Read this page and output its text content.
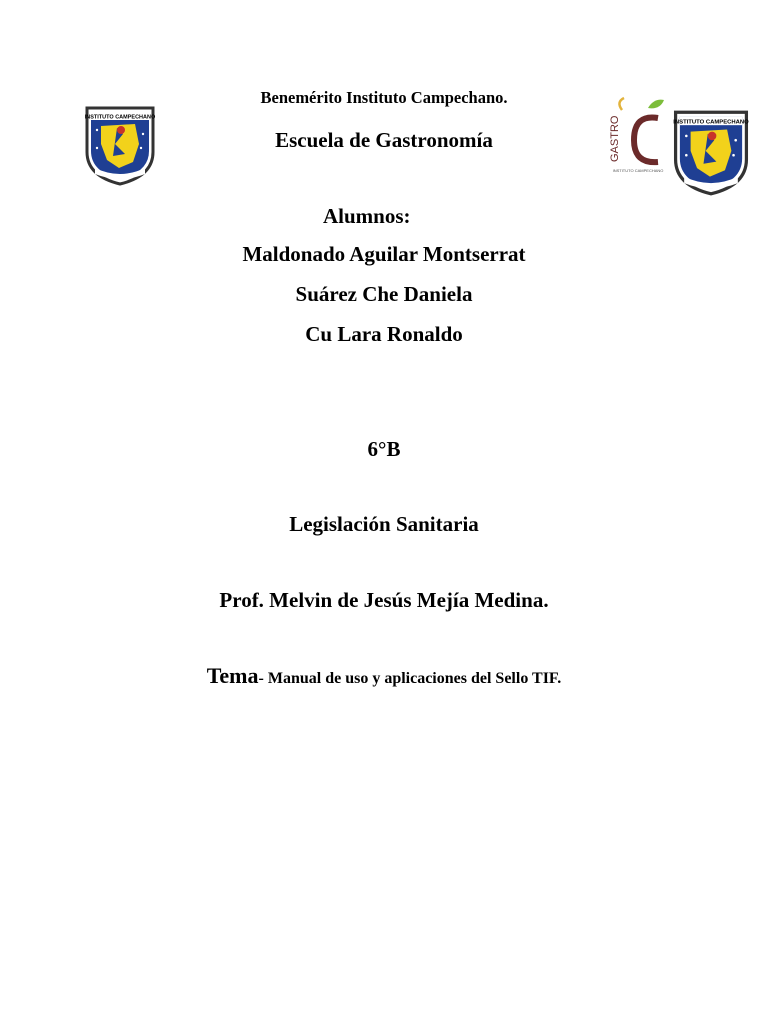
INSTITUTO CAMPECHANO	GASTRO
INSTITUTO CAMPECHANO
INSTITUTO CAMPECHANO
Benemérito Instituto Campechano.
Escuela de Gastronomía
Alumnos:
Maldonado Aguilar Montserrat
Suárez Che Daniela
Cu Lara Ronaldo
6°B
Legislación Sanitaria
Prof. Melvin de Jesús Mejía Medina.
Tema- Manual de uso y aplicaciones del Sello TIF.
